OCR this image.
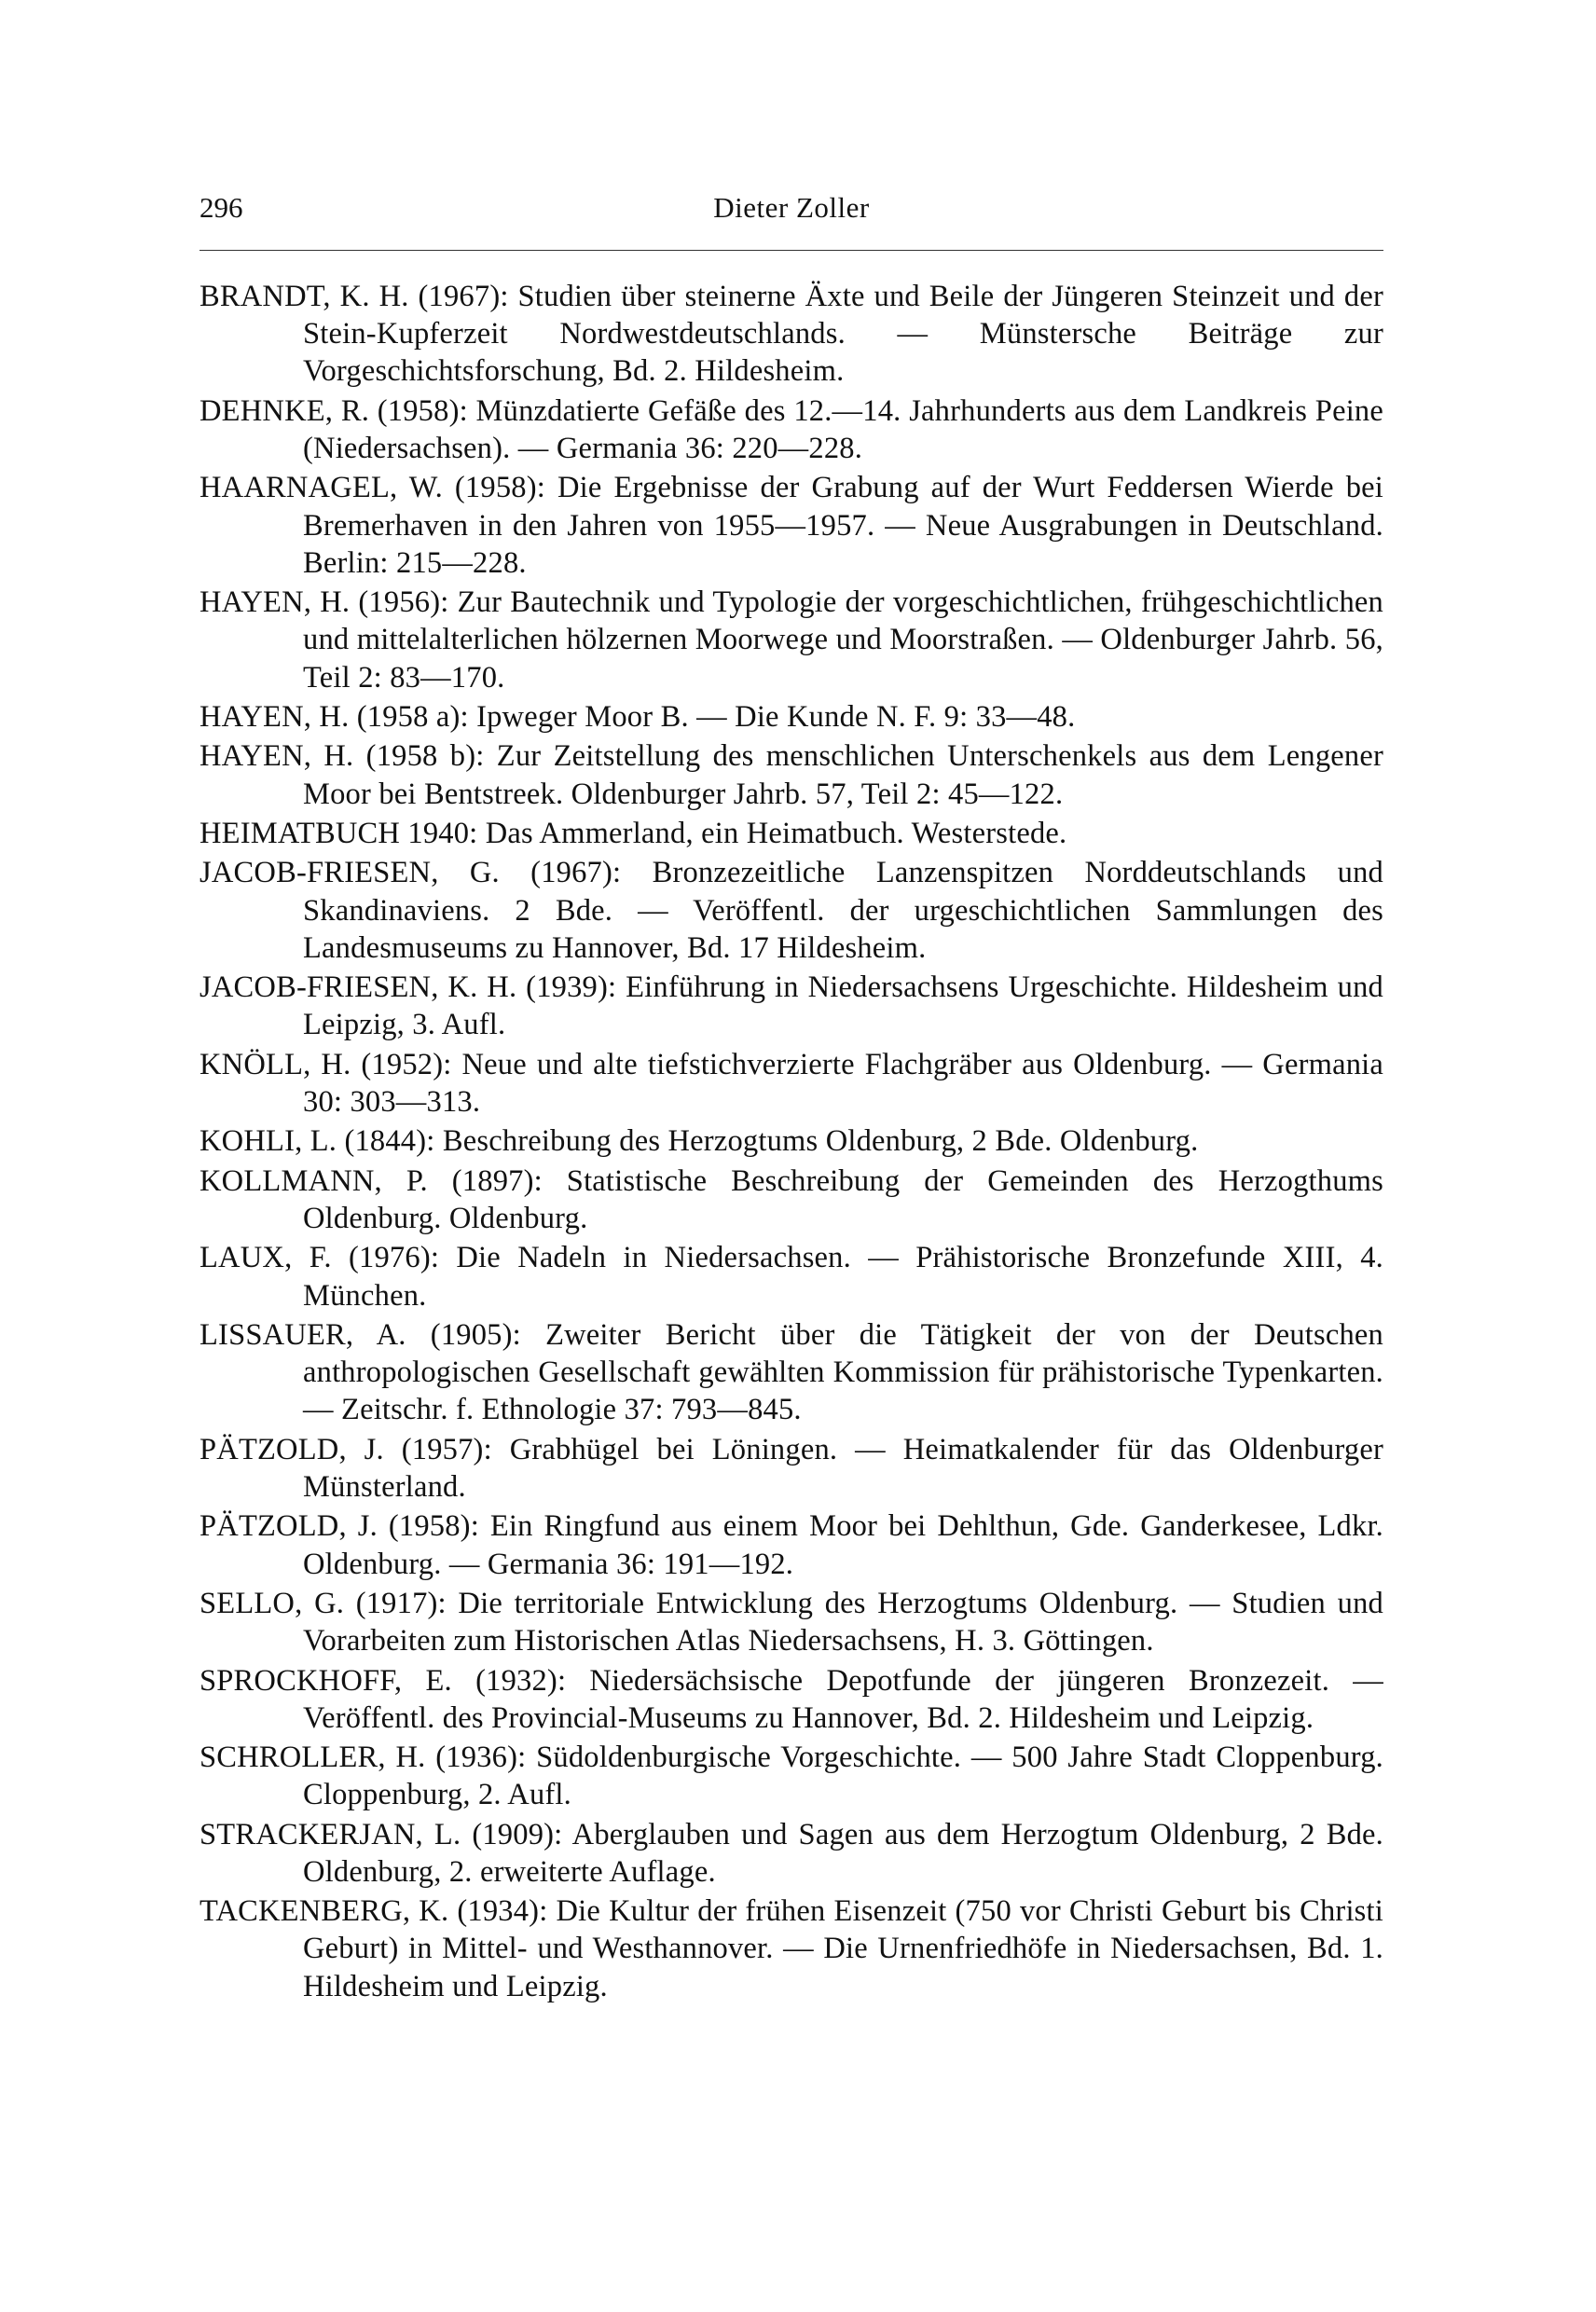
296	Dieter Zoller

BRANDT, K. H. (1967): Studien über steinerne Äxte und Beile der Jüngeren Steinzeit und der Stein-Kupferzeit Nordwestdeutschlands. — Münstersche Beiträge zur Vorgeschichtsforschung, Bd. 2. Hildesheim.

DEHNKE, R. (1958): Münzdatierte Gefäße des 12.—14. Jahrhunderts aus dem Landkreis Peine (Niedersachsen). — Germania 36: 220—228.

HAARNAGEL, W. (1958): Die Ergebnisse der Grabung auf der Wurt Feddersen Wierde bei Bremerhaven in den Jahren von 1955—1957. — Neue Ausgrabungen in Deutschland. Berlin: 215—228.

HAYEN, H. (1956): Zur Bautechnik und Typologie der vorgeschichtlichen, frühgeschichtlichen und mittelalterlichen hölzernen Moorwege und Moorstraßen. — Oldenburger Jahrb. 56, Teil 2: 83—170.

HAYEN, H. (1958 a): Ipweger Moor B. — Die Kunde N. F. 9: 33—48.

HAYEN, H. (1958 b): Zur Zeitstellung des menschlichen Unterschenkels aus dem Lengener Moor bei Bentstreek. Oldenburger Jahrb. 57, Teil 2: 45—122.

HEIMATBUCH 1940: Das Ammerland, ein Heimatbuch. Westerstede.

JACOB-FRIESEN, G. (1967): Bronzezeitliche Lanzenspitzen Norddeutschlands und Skandinaviens. 2 Bde. — Veröffentl. der urgeschichtlichen Sammlungen des Landesmuseums zu Hannover, Bd. 17 Hildesheim.

JACOB-FRIESEN, K. H. (1939): Einführung in Niedersachsens Urgeschichte. Hildesheim und Leipzig, 3. Aufl.

KNÖLL, H. (1952): Neue und alte tiefstichverzierte Flachgräber aus Oldenburg. — Germania 30: 303—313.

KOHLI, L. (1844): Beschreibung des Herzogtums Oldenburg, 2 Bde. Oldenburg.

KOLLMANN, P. (1897): Statistische Beschreibung der Gemeinden des Herzogthums Oldenburg. Oldenburg.

LAUX, F. (1976): Die Nadeln in Niedersachsen. — Prähistorische Bronzefunde XIII, 4. München.

LISSAUER, A. (1905): Zweiter Bericht über die Tätigkeit der von der Deutschen anthropologischen Gesellschaft gewählten Kommission für prähistorische Typenkarten. — Zeitschr. f. Ethnologie 37: 793—845.

PÄTZOLD, J. (1957): Grabhügel bei Löningen. — Heimatkalender für das Oldenburger Münsterland.

PÄTZOLD, J. (1958): Ein Ringfund aus einem Moor bei Dehlthun, Gde. Ganderkesee, Ldkr. Oldenburg. — Germania 36: 191—192.

SELLO, G. (1917): Die territoriale Entwicklung des Herzogtums Oldenburg. — Studien und Vorarbeiten zum Historischen Atlas Niedersachsens, H. 3. Göttingen.

SPROCKHOFF, E. (1932): Niedersächsische Depotfunde der jüngeren Bronzezeit. — Veröffentl. des Provincial-Museums zu Hannover, Bd. 2. Hildesheim und Leipzig.

SCHROLLER, H. (1936): Südoldenburgische Vorgeschichte. — 500 Jahre Stadt Cloppenburg. Cloppenburg, 2. Aufl.

STRACKERJAN, L. (1909): Aberglauben und Sagen aus dem Herzogtum Oldenburg, 2 Bde. Oldenburg, 2. erweiterte Auflage.

TACKENBERG, K. (1934): Die Kultur der frühen Eisenzeit (750 vor Christi Geburt bis Christi Geburt) in Mittel- und Westhannover. — Die Urnenfriedhöfe in Niedersachsen, Bd. 1. Hildesheim und Leipzig.
